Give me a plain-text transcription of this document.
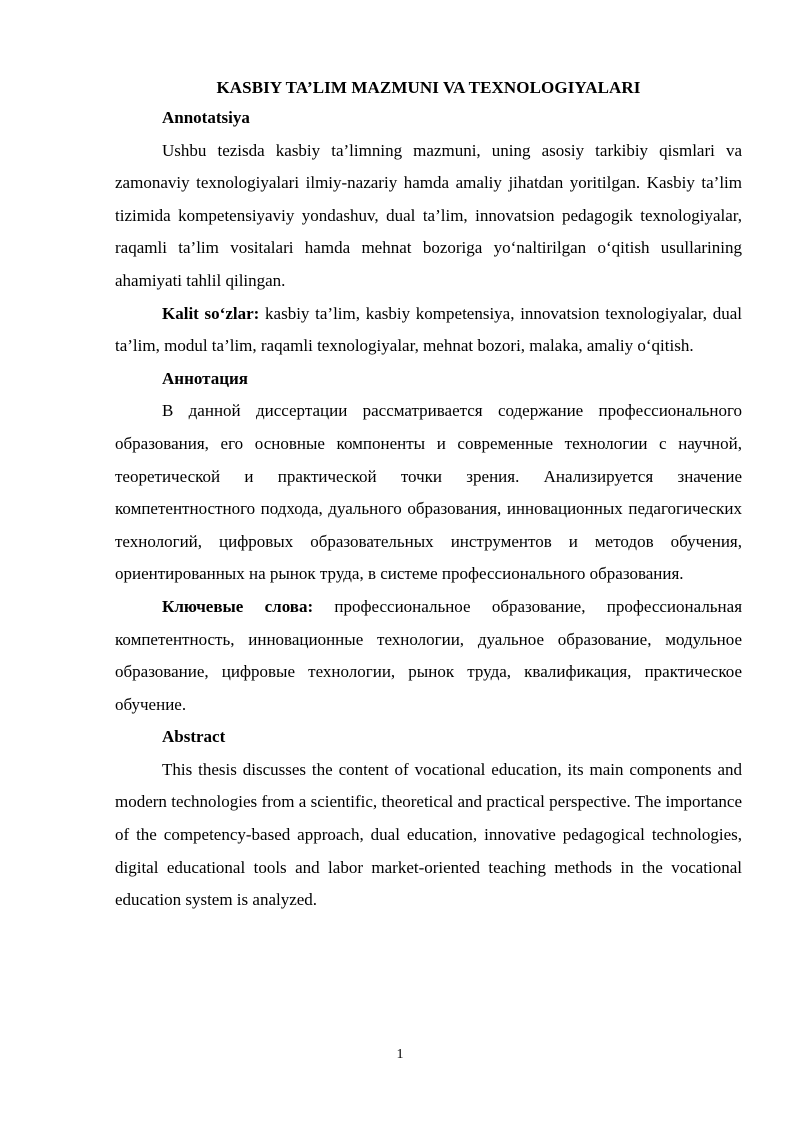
KASBIY TA’LIM MAZMUNI VA TEXNOLOGIYALARI
Annotatsiya

Ushbu tezisda kasbiy ta’limning mazmuni, uning asosiy tarkibiy qismlari va zamonaviy texnologiyalari ilmiy-nazariy hamda amaliy jihatdan yoritilgan. Kasbiy ta’lim tizimida kompetensiyaviy yondashuv, dual ta’lim, innovatsion pedagogik texnologiyalar, raqamli ta’lim vositalari hamda mehnat bozoriga yo‘naltirilgan o‘qitish usullarining ahamiyati tahlil qilingan.

Kalit so‘zlar: kasbiy ta’lim, kasbiy kompetensiya, innovatsion texnologiyalar, dual ta’lim, modul ta’lim, raqamli texnologiyalar, mehnat bozori, malaka, amaliy o‘qitish.

Аннотация

В данной диссертации рассматривается содержание профессионального образования, его основные компоненты и современные технологии с научной, теоретической и практической точки зрения. Анализируется значение компетентностного подхода, дуального образования, инновационных педагогических технологий, цифровых образовательных инструментов и методов обучения, ориентированных на рынок труда, в системе профессионального образования.

Ключевые слова: профессиональное образование, профессиональная компетентность, инновационные технологии, дуальное образование, модульное образование, цифровые технологии, рынок труда, квалификация, практическое обучение.

Abstract

This thesis discusses the content of vocational education, its main components and modern technologies from a scientific, theoretical and practical perspective. The importance of the competency-based approach, dual education, innovative pedagogical technologies, digital educational tools and labor market-oriented teaching methods in the vocational education system is analyzed.

1
